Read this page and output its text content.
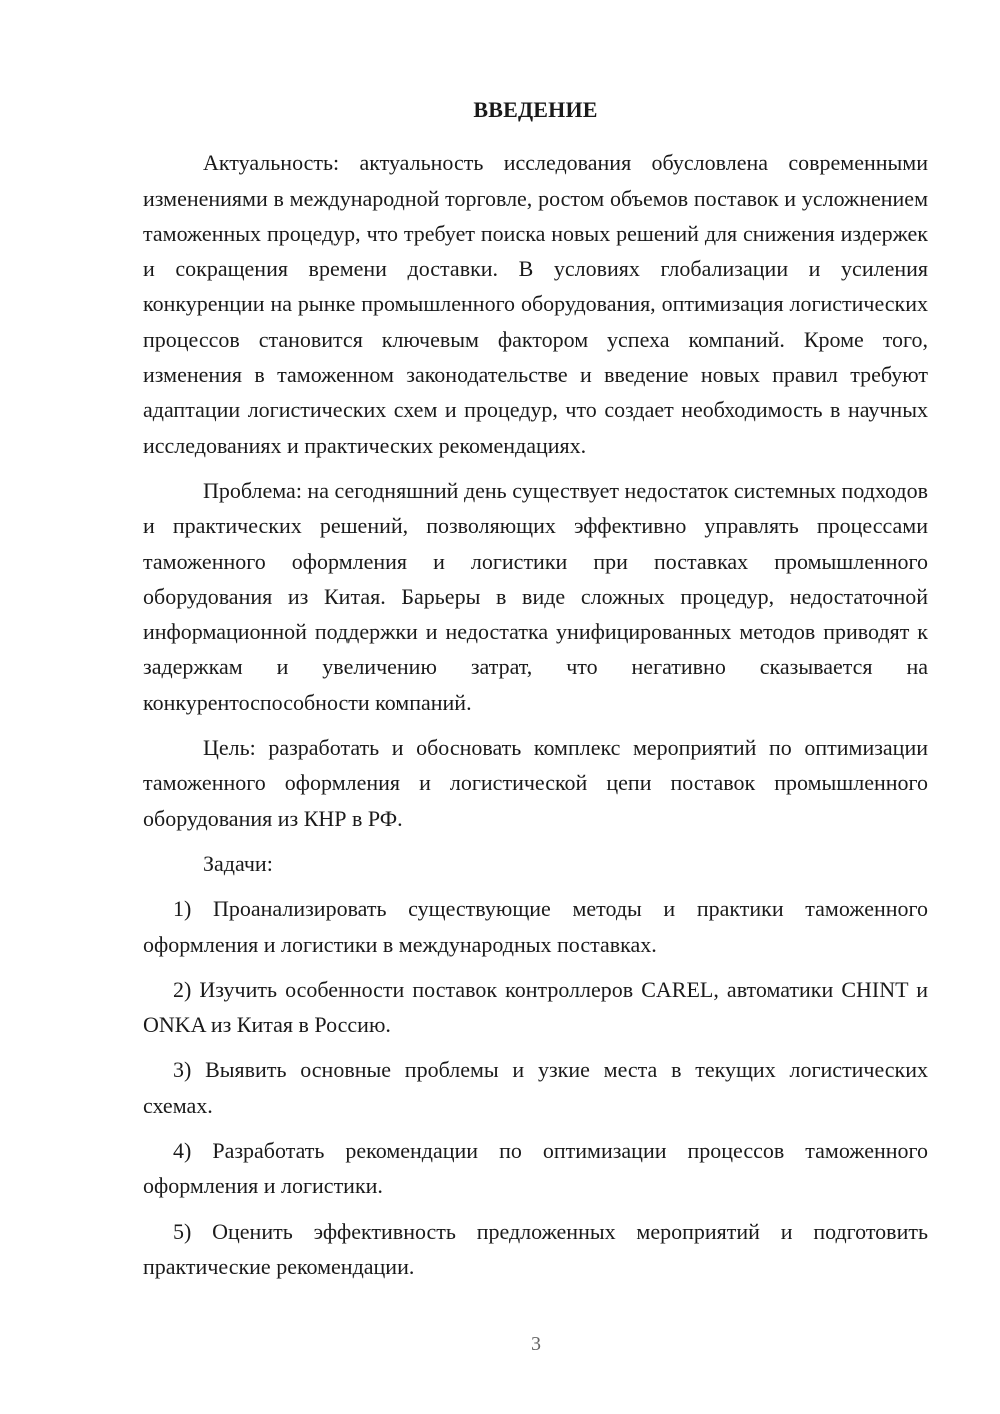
ВВЕДЕНИЕ

Актуальность: актуальность исследования обусловлена современными изменениями в международной торговле, ростом объемов поставок и усложнением таможенных процедур, что требует поиска новых решений для снижения издержек и сокращения времени доставки. В условиях глобализации и усиления конкуренции на рынке промышленного оборудования, оптимизация логистических процессов становится ключевым фактором успеха компаний. Кроме того, изменения в таможенном законодательстве и введение новых правил требуют адаптации логистических схем и процедур, что создает необходимость в научных исследованиях и практических рекомендациях.

Проблема: на сегодняшний день существует недостаток системных подходов и практических решений, позволяющих эффективно управлять процессами таможенного оформления и логистики при поставках промышленного оборудования из Китая. Барьеры в виде сложных процедур, недостаточной информационной поддержки и недостатка унифицированных методов приводят к задержкам и увеличению затрат, что негативно сказывается на конкурентоспособности компаний.

Цель: разработать и обосновать комплекс мероприятий по оптимизации таможенного оформления и логистической цепи поставок промышленного оборудования из КНР в РФ.

Задачи:

1) Проанализировать существующие методы и практики таможенного оформления и логистики в международных поставках.

2) Изучить особенности поставок контроллеров CAREL, автоматики CHINT и ONKA из Китая в Россию.

3) Выявить основные проблемы и узкие места в текущих логистических схемах.

4) Разработать рекомендации по оптимизации процессов таможенного оформления и логистики.

5) Оценить эффективность предложенных мероприятий и подготовить практические рекомендации.

3
